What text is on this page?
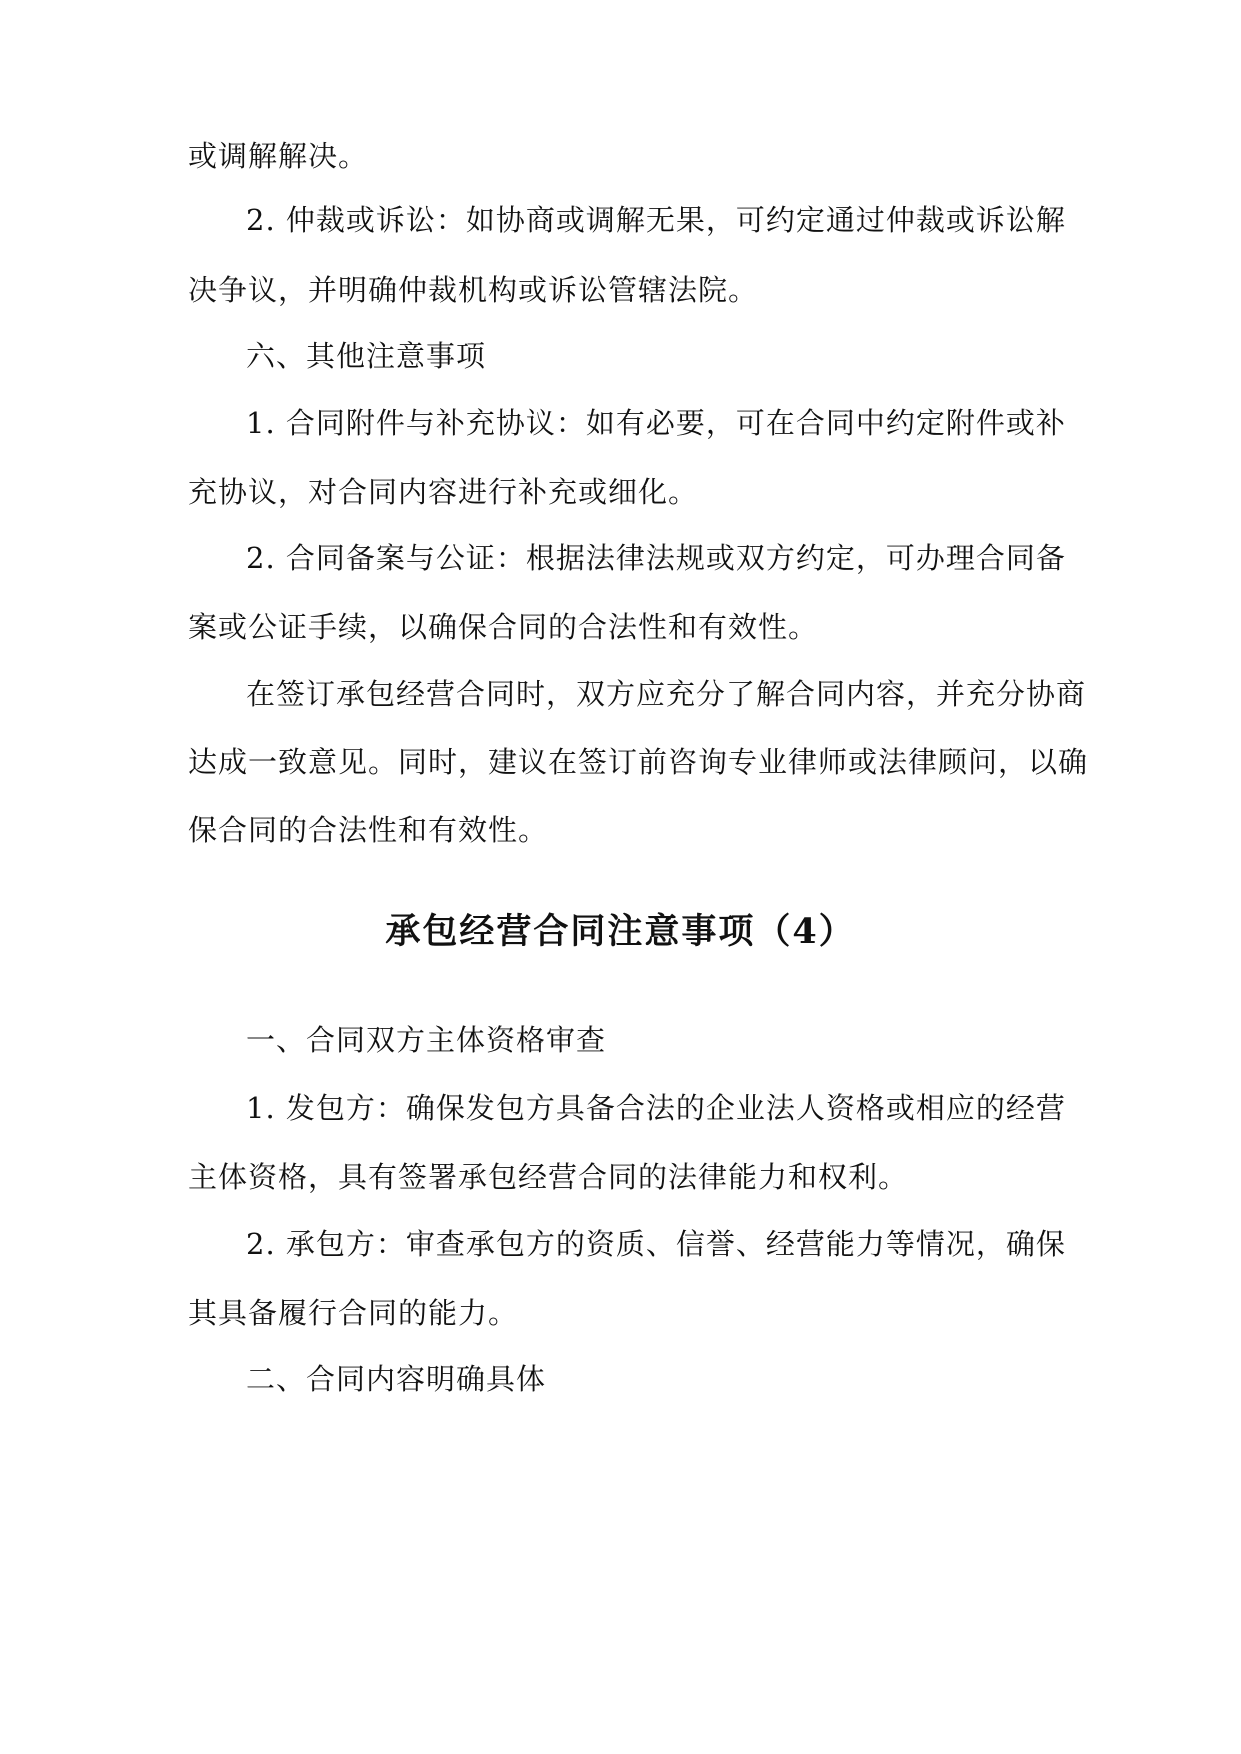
或调解解决。
2. 仲裁或诉讼：如协商或调解无果，可约定通过仲裁或诉讼解
决争议，并明确仲裁机构或诉讼管辖法院。
六、其他注意事项
1. 合同附件与补充协议：如有必要，可在合同中约定附件或补
充协议，对合同内容进行补充或细化。
2. 合同备案与公证：根据法律法规或双方约定，可办理合同备
案或公证手续，以确保合同的合法性和有效性。
在签订承包经营合同时，双方应充分了解合同内容，并充分协商
达成一致意见。同时，建议在签订前咨询专业律师或法律顾问，以确
保合同的合法性和有效性。
承包经营合同注意事项（4）
一、合同双方主体资格审查
1. 发包方：确保发包方具备合法的企业法人资格或相应的经营
主体资格，具有签署承包经营合同的法律能力和权利。
2. 承包方：审查承包方的资质、信誉、经营能力等情况，确保
其具备履行合同的能力。
二、合同内容明确具体
